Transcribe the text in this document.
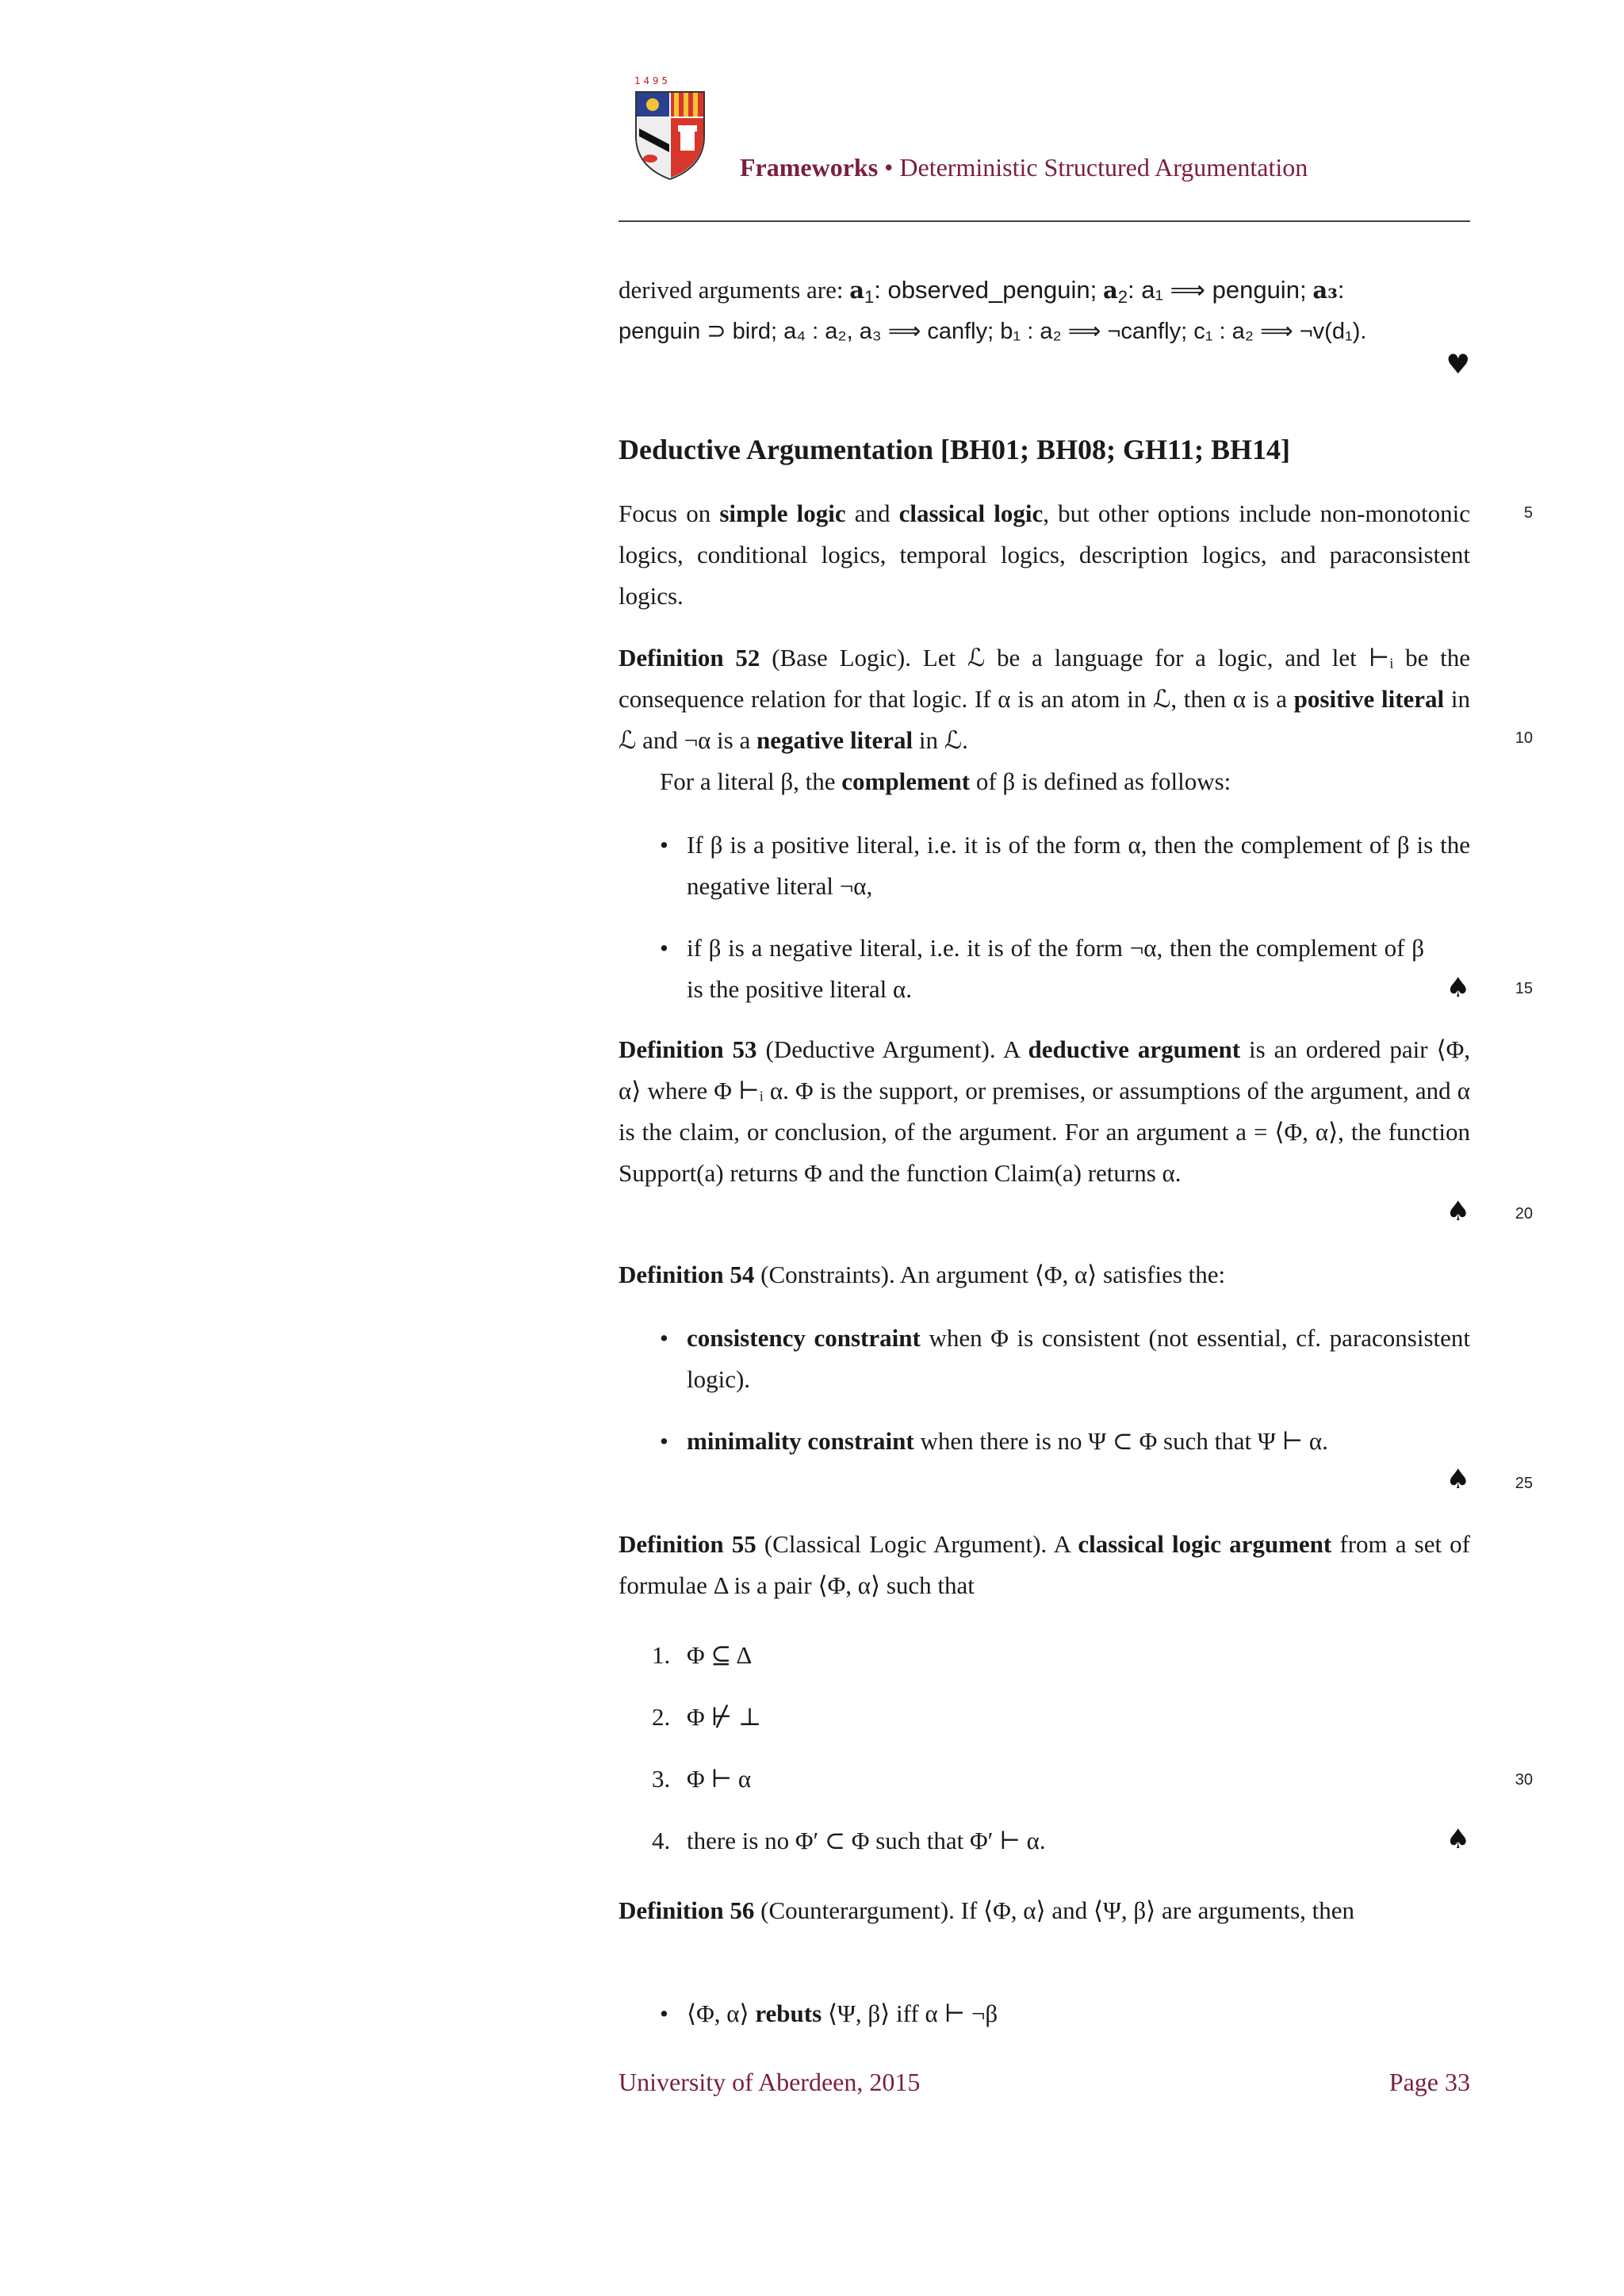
1 4 9 5
Frameworks • Deterministic Structured Argumentation
derived arguments are: $a_1$: observed_penguin; $a_2$: a₁ ⟹ penguin; a₃:
penguin ⊃ bird; a₄ : a₂, a₃ ⟹ canfly; b₁ : a₂ ⟹ ¬canfly; c₁ : a₂ ⟹ ¬v(d₁).
♥
Deductive Argumentation [BH01; BH08; GH11; BH14]
Focus on simple logic and classical logic, but other options include non-monotonic logics, conditional logics, temporal logics, description logics, and paraconsistent logics.
5
Definition 52 (Base Logic). Let ℒ be a language for a logic, and let ⊢ᵢ be the consequence relation for that logic. If α is an atom in ℒ, then α is a positive literal in ℒ and ¬α is a negative literal in ℒ.	10
For a literal β, the complement of β is defined as follows:
• If β is a positive literal, i.e. it is of the form α, then the complement of β is the negative literal ¬α,
• if β is a negative literal, i.e. it is of the form ¬α, then the complement of β is the positive literal α.	♠	15
Definition 53 (Deductive Argument). A deductive argument is an ordered pair ⟨Φ, α⟩ where Φ ⊢ᵢ α. Φ is the support, or premises, or assumptions of the argument, and α is the claim, or conclusion, of the argument. For an argument a = ⟨Φ, α⟩, the function Support(a) returns Φ and the function Claim(a) returns α.
♠	20
Definition 54 (Constraints). An argument ⟨Φ, α⟩ satisfies the:
• consistency constraint when Φ is consistent (not essential, cf. paraconsistent logic).
• minimality constraint when there is no Ψ ⊂ Φ such that Ψ ⊢ α.
♠	25
Definition 55 (Classical Logic Argument). A classical logic argument from a set of formulae Δ is a pair ⟨Φ, α⟩ such that
1. Φ ⊆ Δ
2. Φ ⊬ ⊥
3. Φ ⊢ α	30
4. there is no Φ′ ⊂ Φ such that Φ′ ⊢ α.	♠
Definition 56 (Counterargument). If ⟨Φ, α⟩ and ⟨Ψ, β⟩ are arguments, then
• ⟨Φ, α⟩ rebuts ⟨Ψ, β⟩ iff α ⊢ ¬β
University of Aberdeen, 2015	Page 33
